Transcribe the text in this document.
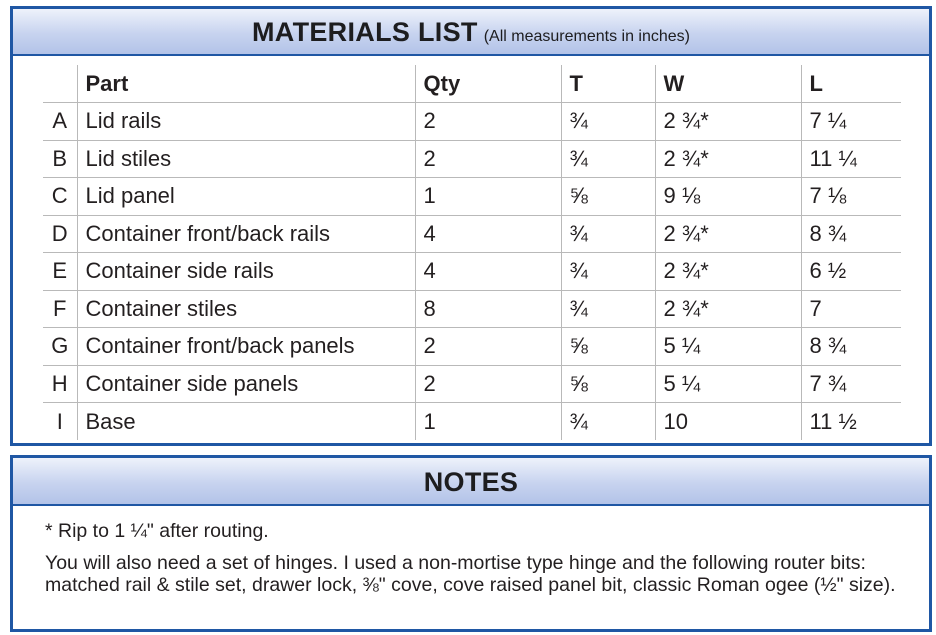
MATERIALS LIST (All measurements in inches)
	Part	Qty	T	W	L
A	Lid rails	2	¾	2 ¾*	7 ¼
B	Lid stiles	2	¾	2 ¾*	11 ¼
C	Lid panel	1	⅝	9 ⅛	7 ⅛
D	Container front/back rails	4	¾	2 ¾*	8 ¾
E	Container side rails	4	¾	2 ¾*	6 ½
F	Container stiles	8	¾	2 ¾*	7
G	Container front/back panels	2	⅝	5 ¼	8 ¾
H	Container side panels	2	⅝	5 ¼	7 ¾
I	Base	1	¾	10	11 ½
NOTES

* Rip to 1 ¼" after routing.

You will also need a set of hinges. I used a non-mortise type hinge and the following router bits: matched rail & stile set, drawer lock, ⅜" cove, cove raised panel bit, classic Roman ogee (½" size).
